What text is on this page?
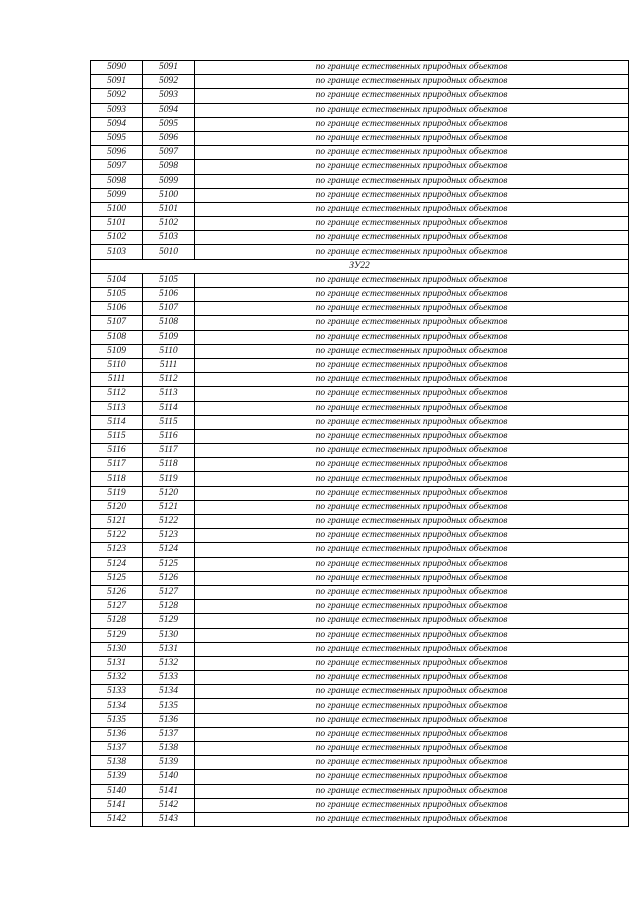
5090	5091	по границе естественных природных объектов
5091	5092	по границе естественных природных объектов
5092	5093	по границе естественных природных объектов
5093	5094	по границе естественных природных объектов
5094	5095	по границе естественных природных объектов
5095	5096	по границе естественных природных объектов
5096	5097	по границе естественных природных объектов
5097	5098	по границе естественных природных объектов
5098	5099	по границе естественных природных объектов
5099	5100	по границе естественных природных объектов
5100	5101	по границе естественных природных объектов
5101	5102	по границе естественных природных объектов
5102	5103	по границе естественных природных объектов
5103	5010	по границе естественных природных объектов
ЗУ22		
5104	5105	по границе естественных природных объектов
5105	5106	по границе естественных природных объектов
5106	5107	по границе естественных природных объектов
5107	5108	по границе естественных природных объектов
5108	5109	по границе естественных природных объектов
5109	5110	по границе естественных природных объектов
5110	5111	по границе естественных природных объектов
5111	5112	по границе естественных природных объектов
5112	5113	по границе естественных природных объектов
5113	5114	по границе естественных природных объектов
5114	5115	по границе естественных природных объектов
5115	5116	по границе естественных природных объектов
5116	5117	по границе естественных природных объектов
5117	5118	по границе естественных природных объектов
5118	5119	по границе естественных природных объектов
5119	5120	по границе естественных природных объектов
5120	5121	по границе естественных природных объектов
5121	5122	по границе естественных природных объектов
5122	5123	по границе естественных природных объектов
5123	5124	по границе естественных природных объектов
5124	5125	по границе естественных природных объектов
5125	5126	по границе естественных природных объектов
5126	5127	по границе естественных природных объектов
5127	5128	по границе естественных природных объектов
5128	5129	по границе естественных природных объектов
5129	5130	по границе естественных природных объектов
5130	5131	по границе естественных природных объектов
5131	5132	по границе естественных природных объектов
5132	5133	по границе естественных природных объектов
5133	5134	по границе естественных природных объектов
5134	5135	по границе естественных природных объектов
5135	5136	по границе естественных природных объектов
5136	5137	по границе естественных природных объектов
5137	5138	по границе естественных природных объектов
5138	5139	по границе естественных природных объектов
5139	5140	по границе естественных природных объектов
5140	5141	по границе естественных природных объектов
5141	5142	по границе естественных природных объектов
5142	5143	по границе естественных природных объектов
